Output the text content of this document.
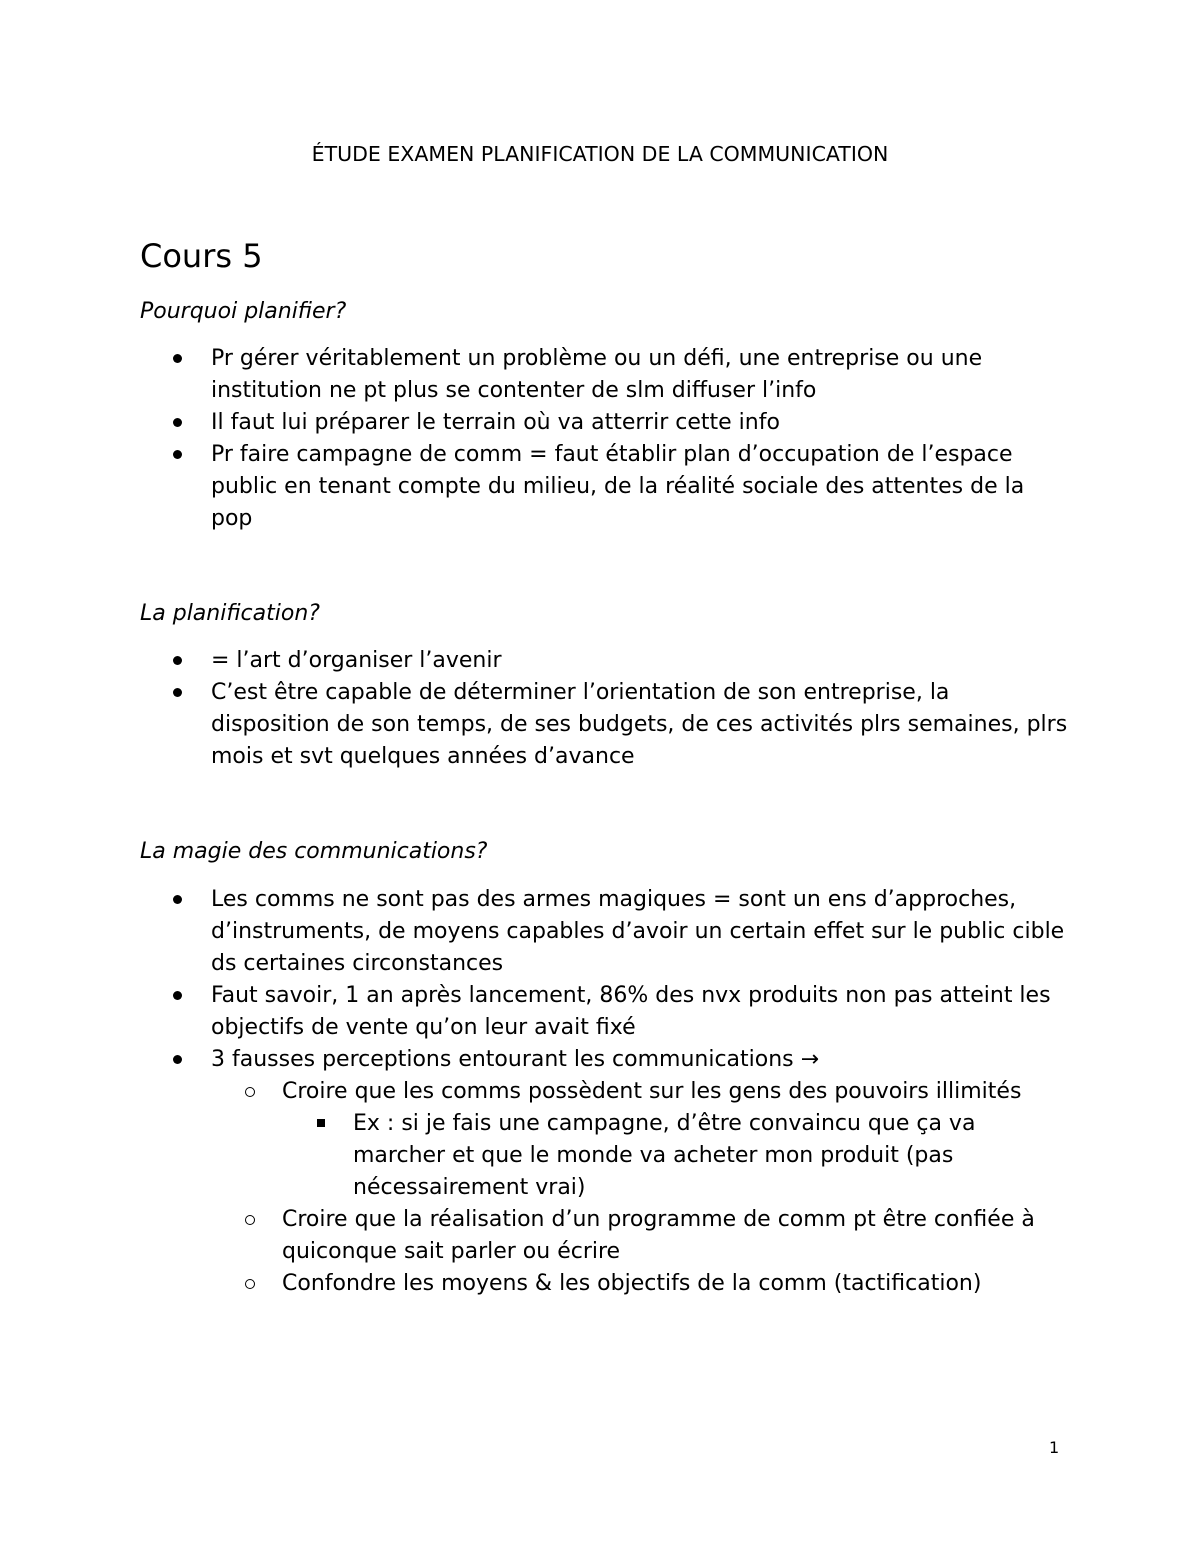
ÉTUDE EXAMEN PLANIFICATION DE LA COMMUNICATION
Cours 5
Pourquoi planifier?
Pr gérer véritablement un problème ou un défi, une entreprise ou une institution ne pt plus se contenter de slm diffuser l’info
Il faut lui préparer le terrain où va atterrir cette info
Pr faire campagne de comm = faut établir plan d’occupation de l’espace public en tenant compte du milieu, de la réalité sociale des attentes de la pop
La planification?
= l’art d’organiser l’avenir
C’est être capable de déterminer l’orientation de son entreprise, la disposition de son temps, de ses budgets, de ces activités plrs semaines, plrs mois et svt quelques années d’avance
La magie des communications?
Les comms ne sont pas des armes magiques = sont un ens d’approches, d’instruments, de moyens capables d’avoir un certain effet sur le public cible ds certaines circonstances
Faut savoir, 1 an après lancement, 86% des nvx produits non pas atteint les objectifs de vente qu’on leur avait fixé
3 fausses perceptions entourant les communications →
Croire que les comms possèdent sur les gens des pouvoirs illimités
Ex : si je fais une campagne, d’être convaincu que ça va marcher et que le monde va acheter mon produit (pas nécessairement vrai)
Croire que la réalisation d’un programme de comm pt être confiée à quiconque sait parler ou écrire
Confondre les moyens & les objectifs de la comm (tactification)
1
